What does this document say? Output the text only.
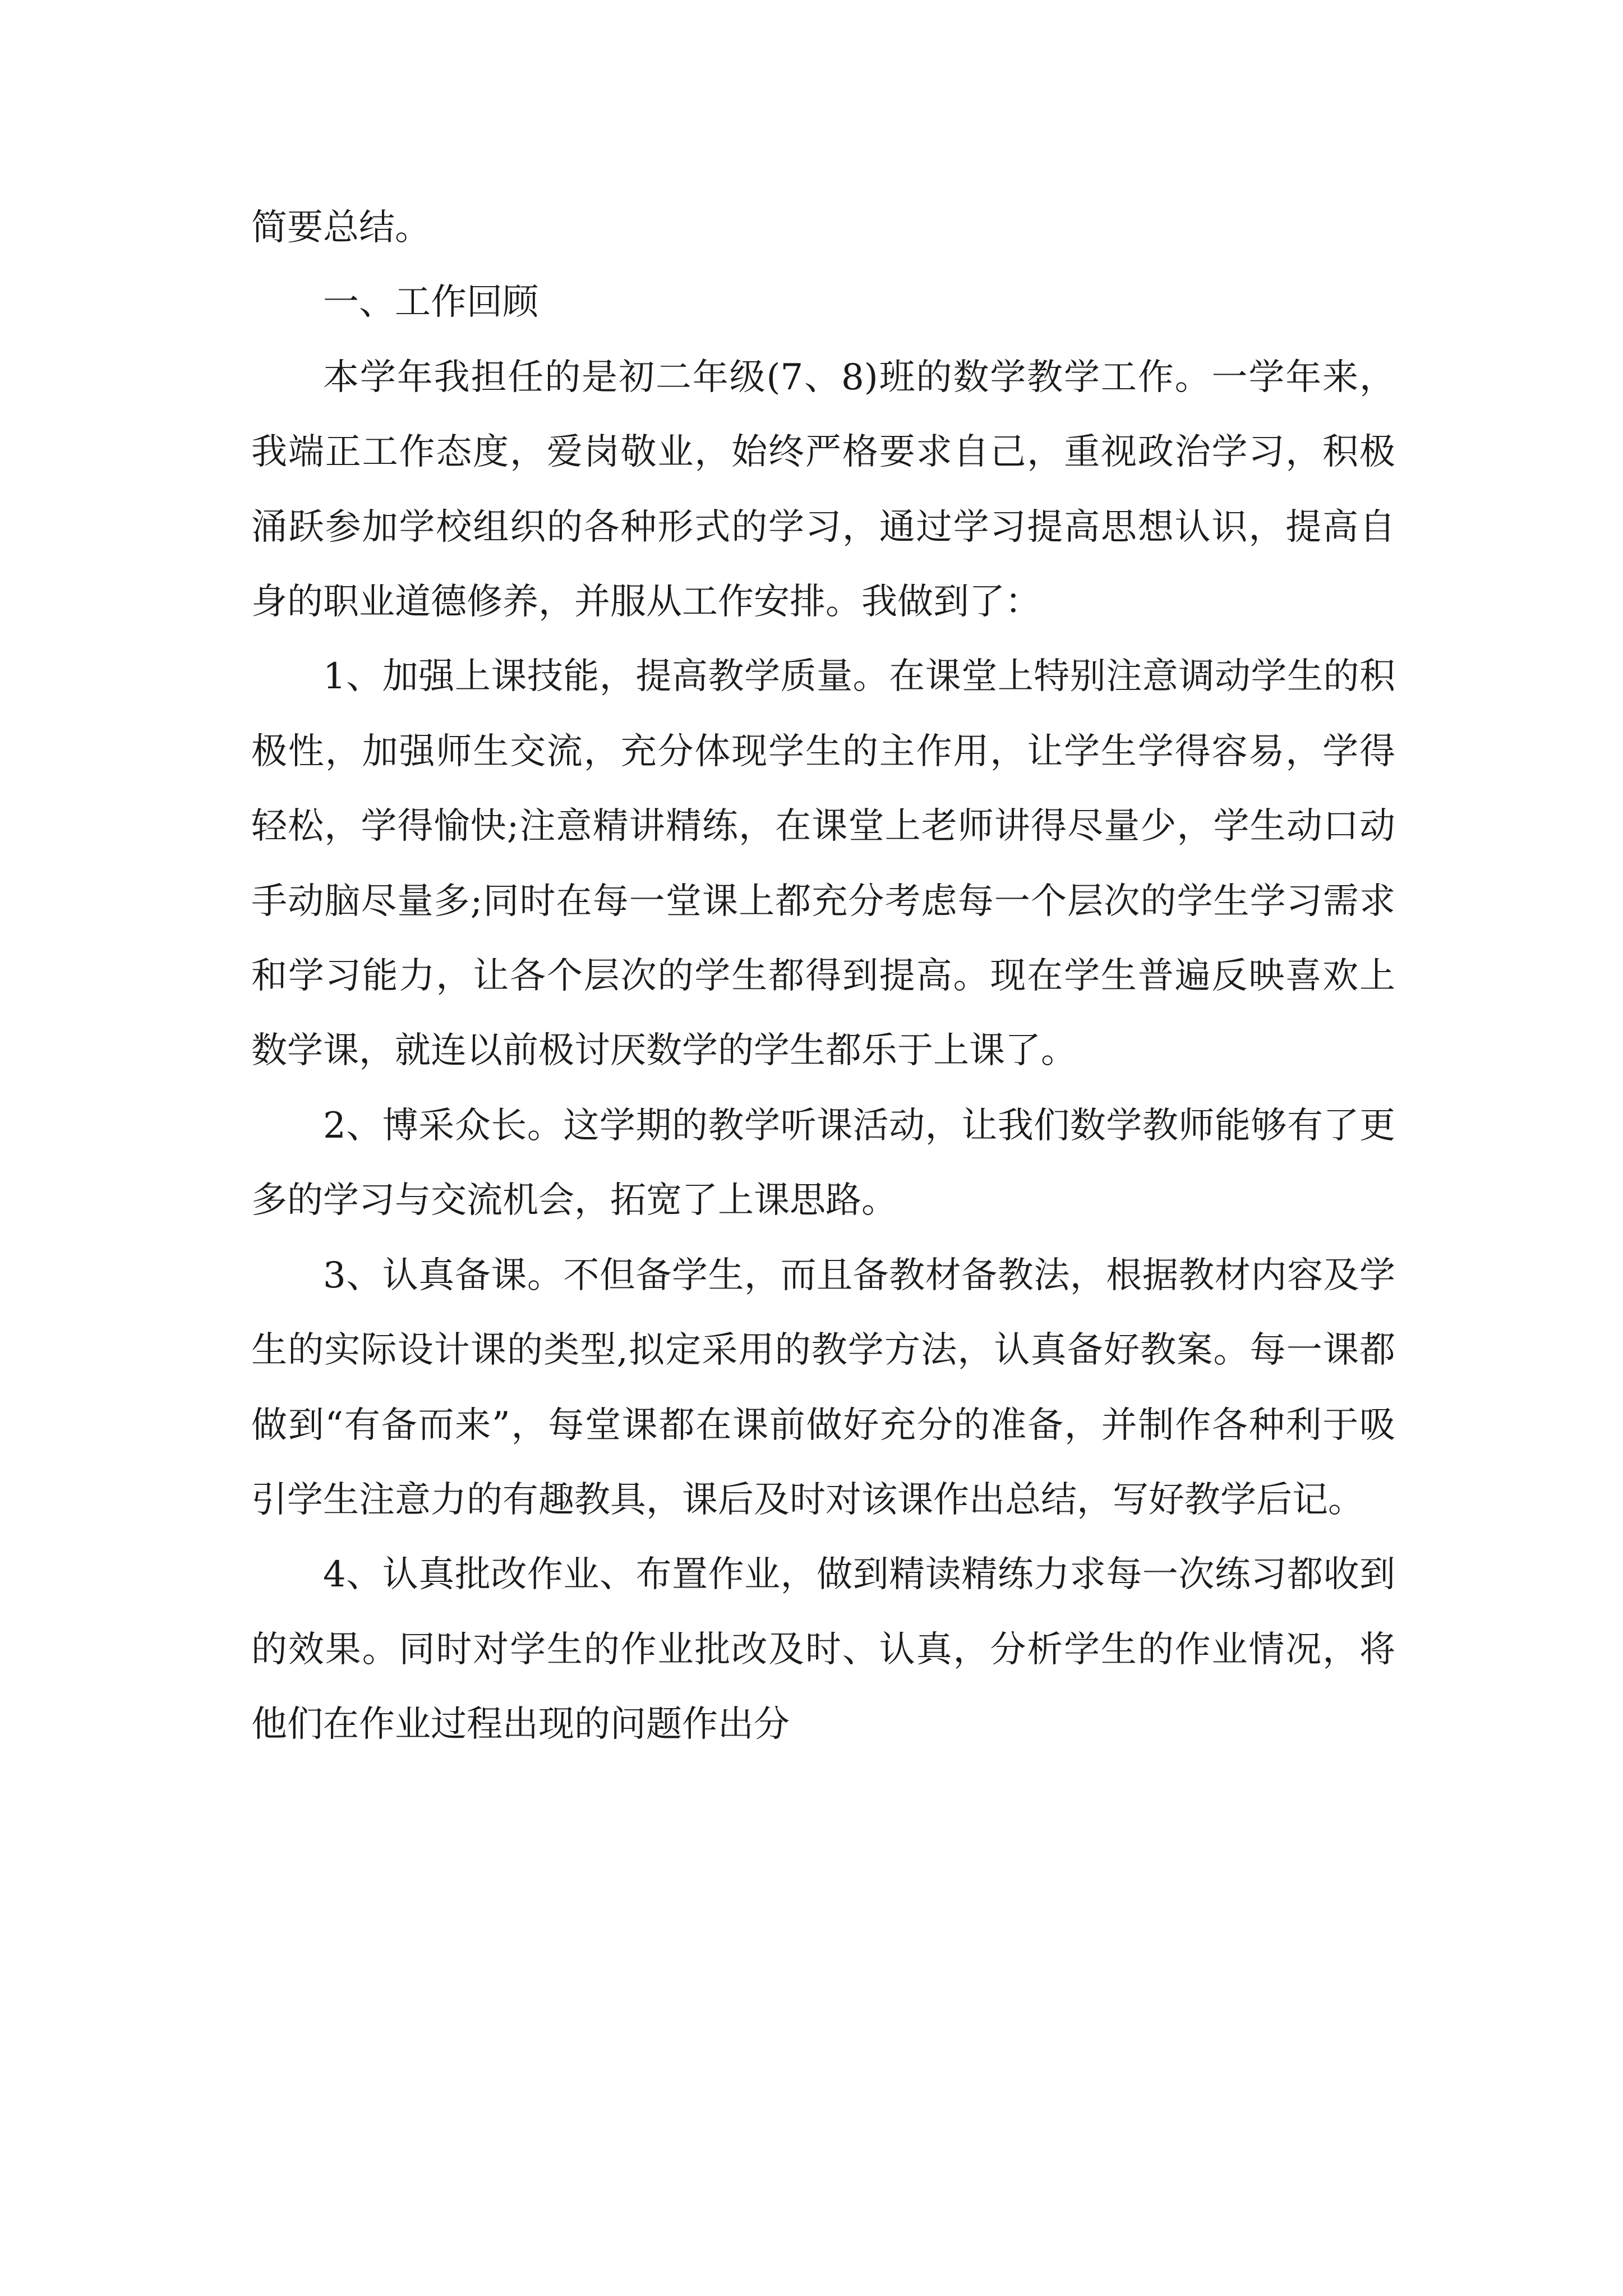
简要总结。

一、工作回顾

本学年我担任的是初二年级(7、8)班的数学教学工作。一学年来，我端正工作态度，爱岗敬业，始终严格要求自己，重视政治学习，积极涌跃参加学校组织的各种形式的学习，通过学习提高思想认识，提高自身的职业道德修养，并服从工作安排。我做到了：

1、加强上课技能，提高教学质量。在课堂上特别注意调动学生的积极性，加强师生交流，充分体现学生的主作用，让学生学得容易，学得轻松，学得愉快;注意精讲精练，在课堂上老师讲得尽量少，学生动口动手动脑尽量多;同时在每一堂课上都充分考虑每一个层次的学生学习需求和学习能力，让各个层次的学生都得到提高。现在学生普遍反映喜欢上数学课，就连以前极讨厌数学的学生都乐于上课了。

2、博采众长。这学期的教学听课活动，让我们数学教师能够有了更多的学习与交流机会，拓宽了上课思路。

3、认真备课。不但备学生，而且备教材备教法，根据教材内容及学生的实际设计课的类型,拟定采用的教学方法，认真备好教案。每一课都做到“有备而来”，每堂课都在课前做好充分的准备，并制作各种利于吸引学生注意力的有趣教具，课后及时对该课作出总结，写好教学后记。

4、认真批改作业、布置作业，做到精读精练力求每一次练习都收到的效果。同时对学生的作业批改及时、认真，分析学生的作业情况，将他们在作业过程出现的问题作出分
